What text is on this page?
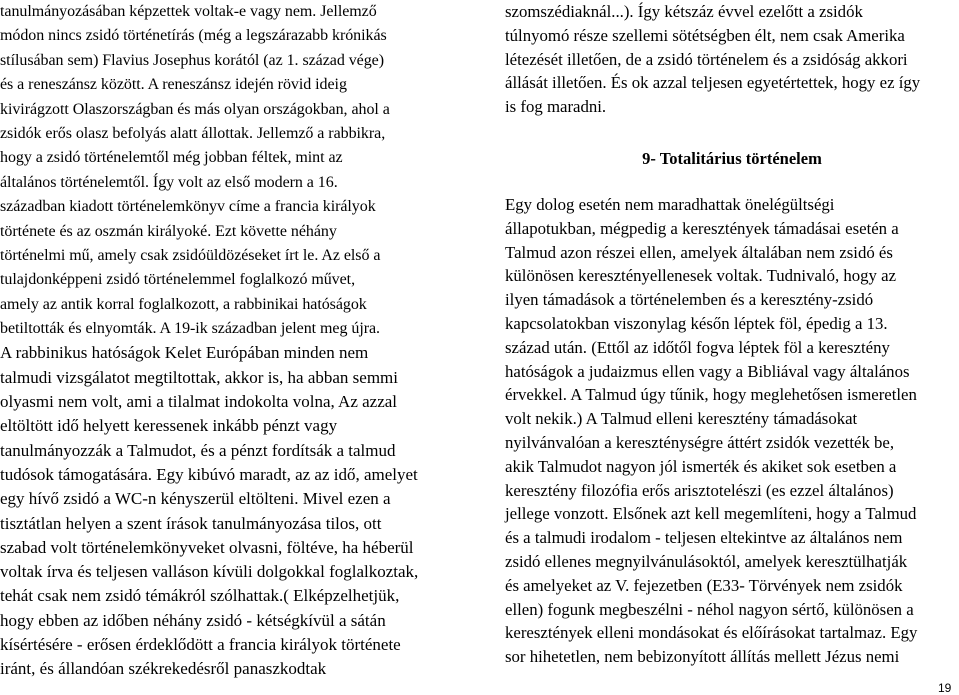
tanulmányozásában képzettek voltak-e vagy nem. Jellemző
módon nincs zsidó történetírás (még a legszárazabb krónikás
stílusában sem) Flavius Josephus korától (az 1. század vége)
és a reneszánsz között. A reneszánsz idején rövid ideig
kivirágzott Olaszországban és más olyan országokban, ahol a
zsidók erős olasz befolyás alatt állottak. Jellemző a rabbikra,
hogy a zsidó történelemtől még jobban féltek, mint az
általános történelemtől. Így volt az első modern a 16.
században kiadott történelemkönyv címe a francia királyok
története és az oszmán királyoké. Ezt követte néhány
történelmi mű, amely csak zsidóüldözéseket írt le. Az első a
tulajdonképpeni zsidó történelemmel foglalkozó művet,
amely az antik korral foglalkozott, a rabbinikai hatóságok
betiltották és elnyomták. A 19-ik században jelent meg újra.
A rabbinikus hatóságok Kelet Európában minden nem
talmudi vizsgálatot megtiltottak, akkor is, ha abban semmi
olyasmi nem volt, ami a tilalmat indokolta volna, Az azzal
eltöltött idő helyett keressenek inkább pénzt vagy
tanulmányozzák a Talmudot, és a pénzt fordítsák a talmud
tudósok támogatására. Egy kibúvó maradt, az az idő, amelyet
egy hívő zsidó a WC-n kényszerül eltölteni. Mivel ezen a
tisztátlan helyen a szent írások tanulmányozása tilos, ott
szabad volt történelemkönyveket olvasni, föltéve, ha héberül
voltak írva és teljesen valláson kívüli dolgokkal foglalkoztak,
tehát csak nem zsidó témákról szólhattak.( Elképzelhetjük,
hogy ebben az időben néhány zsidó - kétségkívül a sátán
kísértésére - erősen érdeklődött a francia királyok története
iránt, és állandóan székrekedésről panaszkodtak
szomszédiaknál...). Így kétszáz évvel ezelőtt a zsidók
túlnyomó része szellemi sötétségben élt, nem csak Amerika
létezését illetően, de a zsidó történelem és a zsidóság akkori
állását illetően. És ok azzal teljesen egyetértettek, hogy ez így
is fog maradni.
9- Totalitárius történelem
Egy dolog esetén nem maradhattak önelégültségi
állapotukban, mégpedig a keresztények támadásai esetén a
Talmud azon részei ellen, amelyek általában nem zsidó és
különösen keresztényellenesek voltak. Tudnivaló, hogy az
ilyen támadások a történelemben és a keresztény-zsidó
kapcsolatokban viszonylag későn léptek föl, épedig a 13.
század után. (Ettől az időtől fogva léptek föl a keresztény
hatóságok a judaizmus ellen vagy a Bibliával vagy általános
érvekkel. A Talmud úgy tűnik, hogy meglehetősen ismeretlen
volt nekik.) A Talmud elleni keresztény támadásokat
nyilvánvalóan a kereszténységre áttért zsidók vezették be,
akik Talmudot nagyon jól ismerték és akiket sok esetben a
keresztény filozófia erős arisztotelészi (es ezzel általános)
jellege vonzott. Elsőnek azt kell megemlíteni, hogy a Talmud
és a talmudi irodalom - teljesen eltekintve az általános nem
zsidó ellenes megnyilvánulásoktól, amelyek keresztülhatják
és amelyeket az V. fejezetben (E33- Törvények nem zsidók
ellen) fogunk megbeszélni - néhol nagyon sértő, különösen a
keresztények elleni mondásokat és előírásokat tartalmaz. Egy
sor hihetetlen, nem bebizonyított állítás mellett Jézus nemi
19
